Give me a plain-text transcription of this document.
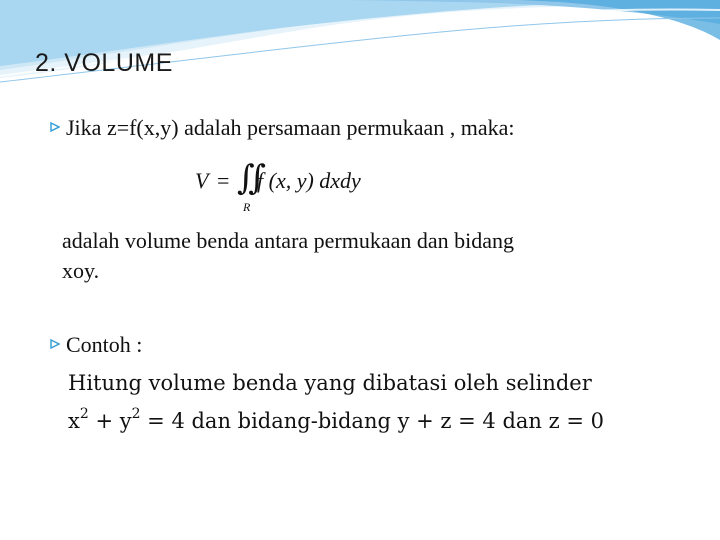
2. VOLUME
Jika z=f(x,y) adalah persamaan permukaan , maka:
V = ∬
R
f (x, y) dxdy
adalah volume benda antara permukaan dan bidang
xoy.
Contoh :
Hitung volume benda yang dibatasi oleh selinder
$x^2 + y^2 = 4$ dan bidang-bidang y + z = 4 dan z = 0
